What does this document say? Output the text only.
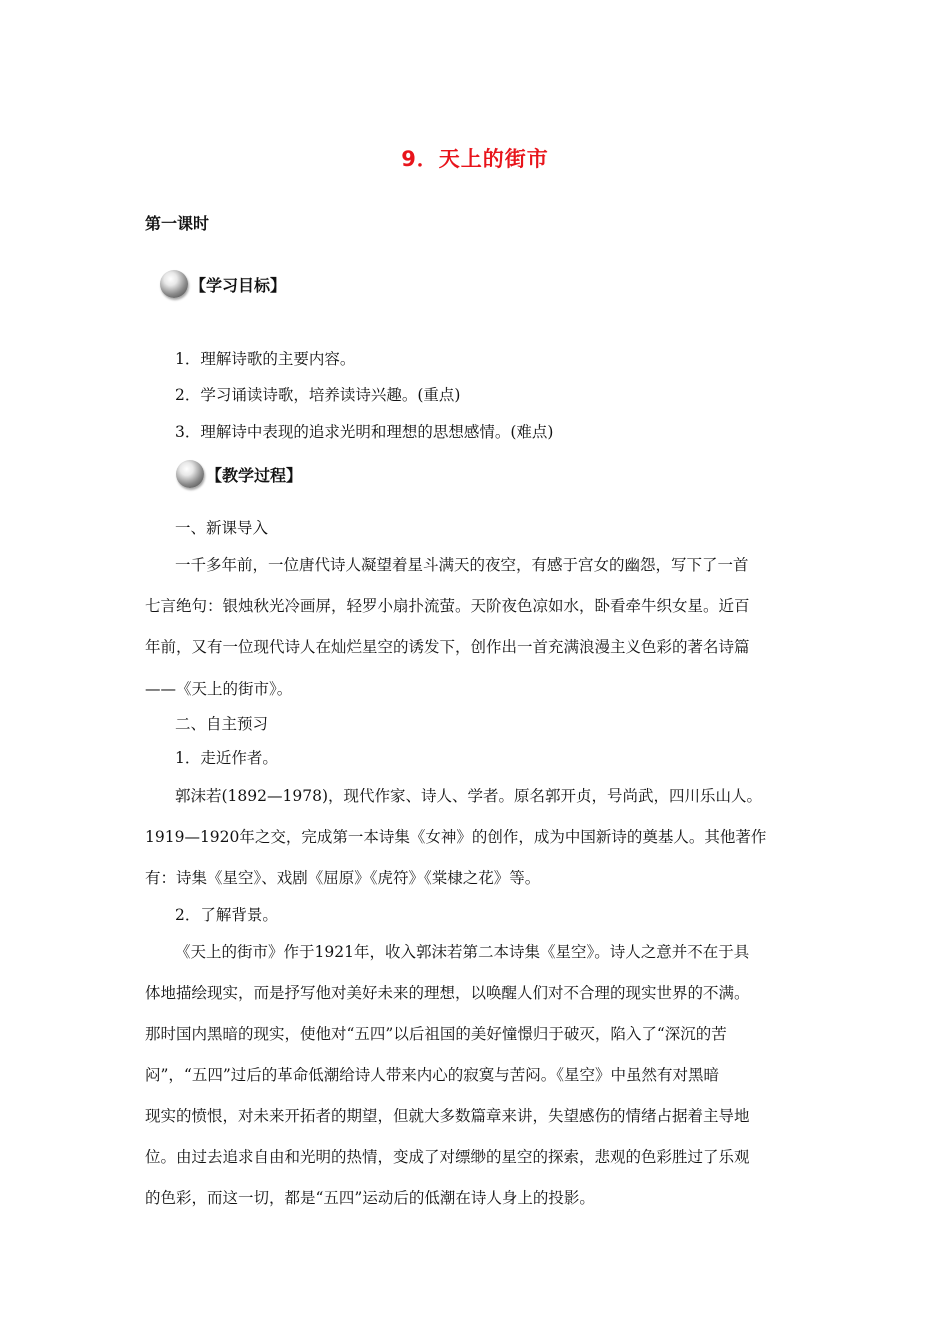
9．天上的街市
第一课时
【学习目标】
1．理解诗歌的主要内容。
2．学习诵读诗歌，培养读诗兴趣。(重点)
3．理解诗中表现的追求光明和理想的思想感情。(难点)
【教学过程】
一、新课导入
一千多年前，一位唐代诗人凝望着星斗满天的夜空，有感于宫女的幽怨，写下了一首
七言绝句：银烛秋光冷画屏，轻罗小扇扑流萤。天阶夜色凉如水，卧看牵牛织女星。近百
年前，又有一位现代诗人在灿烂星空的诱发下，创作出一首充满浪漫主义色彩的著名诗篇
——《天上的街市》。
二、自主预习
1．走近作者。
郭沫若(1892—1978)，现代作家、诗人、学者。原名郭开贞，号尚武，四川乐山人。
1919—1920年之交，完成第一本诗集《女神》的创作，成为中国新诗的奠基人。其他著作
有：诗集《星空》、戏剧《屈原》《虎符》《棠棣之花》等。
2．了解背景。
《天上的街市》作于1921年，收入郭沫若第二本诗集《星空》。诗人之意并不在于具
体地描绘现实，而是抒写他对美好未来的理想，以唤醒人们对不合理的现实世界的不满。
那时国内黑暗的现实，使他对“五四”以后祖国的美好憧憬归于破灭，陷入了“深沉的苦
闷”，“五四”过后的革命低潮给诗人带来内心的寂寞与苦闷。《星空》中虽然有对黑暗
现实的愤恨，对未来开拓者的期望，但就大多数篇章来讲，失望感伤的情绪占据着主导地
位。由过去追求自由和光明的热情，变成了对缥缈的星空的探索，悲观的色彩胜过了乐观
的色彩，而这一切，都是“五四”运动后的低潮在诗人身上的投影。
